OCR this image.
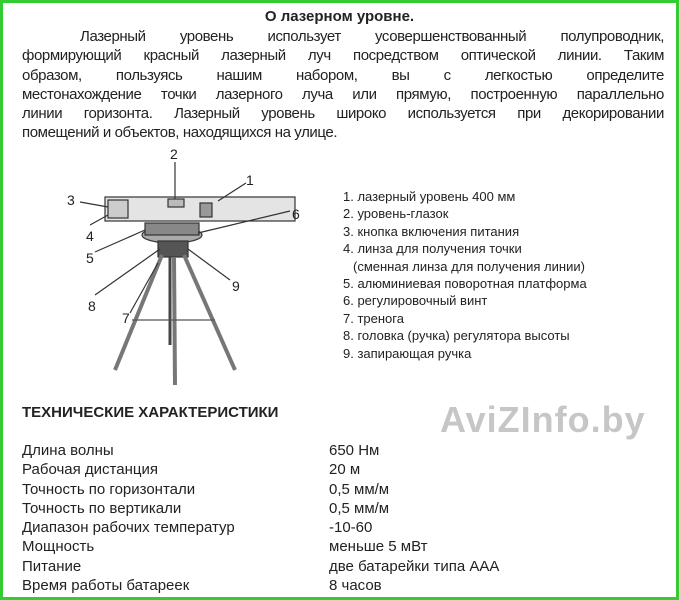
О лазерном уровне.
Лазерный уровень использует усовершенствованный полупроводник,
формирующий красный лазерный луч посредством оптической линии. Таким
образом, пользуясь нашим набором, вы с легкостью определите
местонахождение точки лазерного луча или прямую, построенную параллельно
линии горизонта. Лазерный уровень широко используется при декорировании
помещений и объектов, находящихся на улице.
1
2
3
4
5
6
7
8
9
1. лазерный уровень 400 мм
2. уровень-глазок
3. кнопка включения питания
4. линза для получения точки
(сменная линза для получения линии)
5. алюминиевая поворотная платформа
6. регулировочный винт
7. тренога
8. головка (ручка) регулятора высоты
9. запирающая ручка
ТЕХНИЧЕСКИЕ ХАРАКТЕРИСТИКИ
Длина волны	650 Нм
Рабочая дистанция	20 м
Точность по горизонтали	0,5 мм/м
Точность по вертикали	0,5 мм/м
Диапазон рабочих температур	-10-60
Мощность	меньше 5 мВт
Питание	две батарейки типа ААА
Время работы батареек	8 часов
AviZInfo.by
